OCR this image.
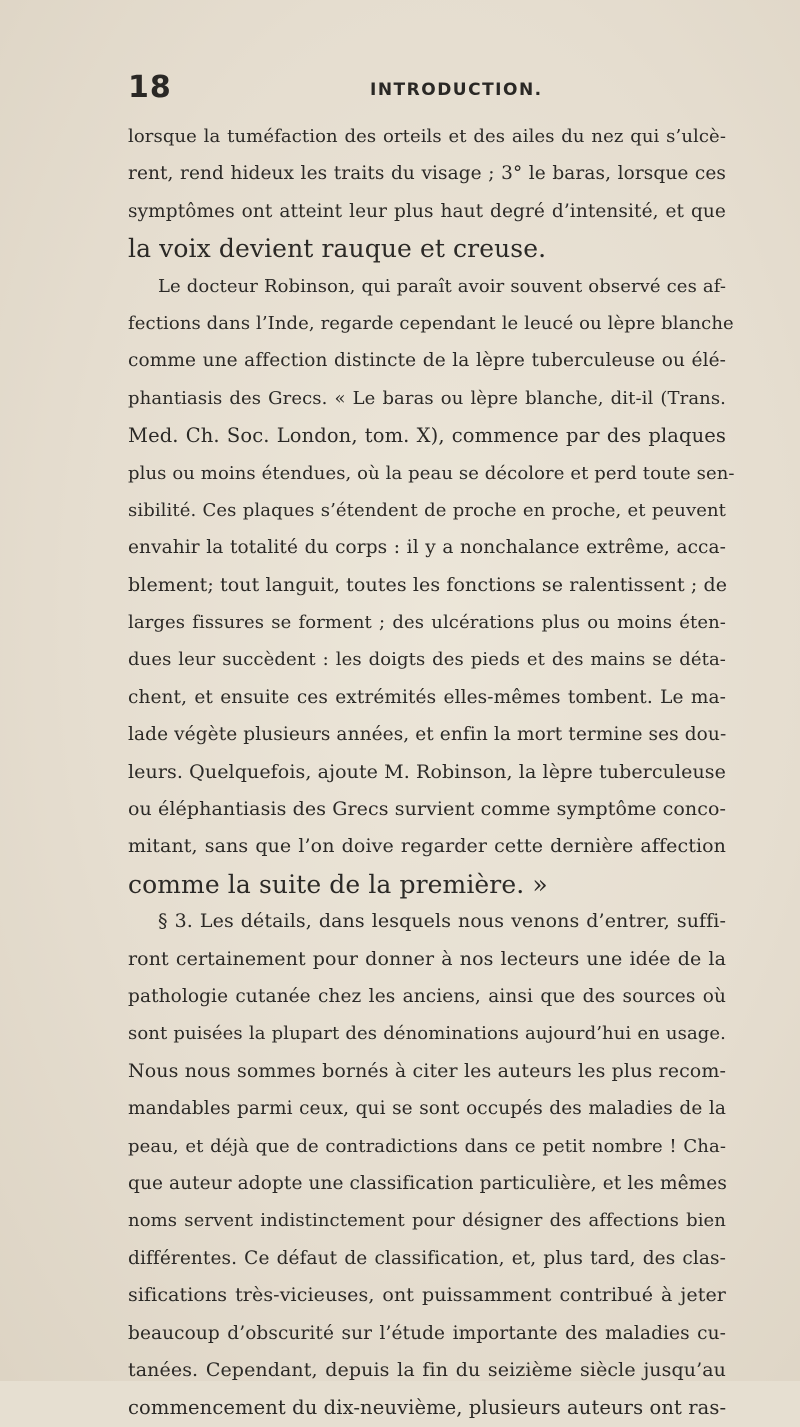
18	INTRODUCTION.
lorsque la tuméfaction des orteils et des ailes du nez qui s’ulcè-
rent, rend hideux les traits du visage ; 3° le baras, lorsque ces
symptômes ont atteint leur plus haut degré d’intensité, et que
la voix devient rauque et creuse.
Le docteur Robinson, qui paraît avoir souvent observé ces af-
fections dans l’Inde, regarde cependant le leucé ou lèpre blanche
comme une affection distincte de la lèpre tuberculeuse ou élé-
phantiasis des Grecs. « Le baras ou lèpre blanche, dit-il (Trans.
Med. Ch. Soc. London, tom. X), commence par des plaques
plus ou moins étendues, où la peau se décolore et perd toute sen-
sibilité. Ces plaques s’étendent de proche en proche, et peuvent
envahir la totalité du corps : il y a nonchalance extrême, acca-
blement; tout languit, toutes les fonctions se ralentissent ; de
larges fissures se forment ; des ulcérations plus ou moins éten-
dues leur succèdent : les doigts des pieds et des mains se déta-
chent, et ensuite ces extrémités elles-mêmes tombent. Le ma-
lade végète plusieurs années, et enfin la mort termine ses dou-
leurs. Quelquefois, ajoute M. Robinson, la lèpre tuberculeuse
ou éléphantiasis des Grecs survient comme symptôme conco-
mitant, sans que l’on doive regarder cette dernière affection
comme la suite de la première. »
§ 3. Les détails, dans lesquels nous venons d’entrer, suffi-
ront certainement pour donner à nos lecteurs une idée de la
pathologie cutanée chez les anciens, ainsi que des sources où
sont puisées la plupart des dénominations aujourd’hui en usage.
Nous nous sommes bornés à citer les auteurs les plus recom-
mandables parmi ceux, qui se sont occupés des maladies de la
peau, et déjà que de contradictions dans ce petit nombre ! Cha-
que auteur adopte une classification particulière, et les mêmes
noms servent indistinctement pour désigner des affections bien
différentes. Ce défaut de classification, et, plus tard, des clas-
sifications très-vicieuses, ont puissamment contribué à jeter
beaucoup d’obscurité sur l’étude importante des maladies cu-
tanées. Cependant, depuis la fin du seizième siècle jusqu’au
commencement du dix-neuvième, plusieurs auteurs ont ras-
